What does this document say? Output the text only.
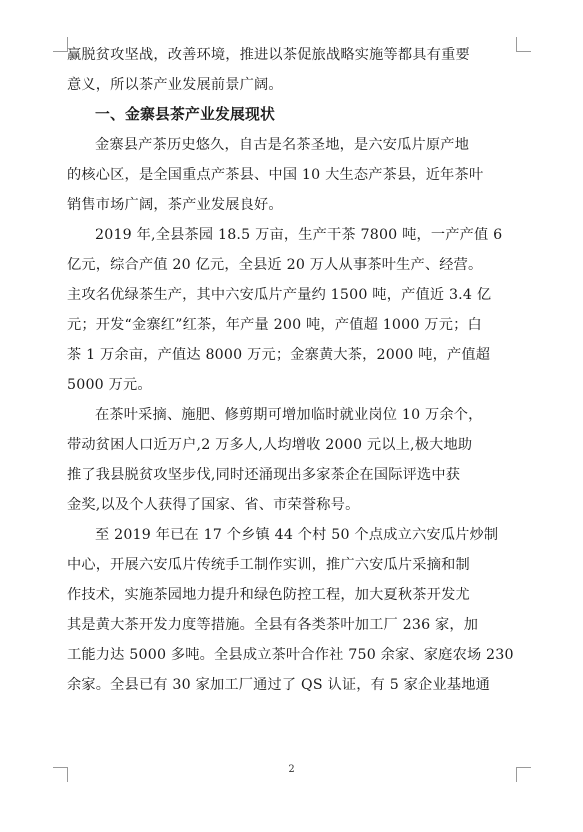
赢脱贫攻坚战，改善环境，推进以茶促旅战略实施等都具有重要
意义，所以茶产业发展前景广阔。
一、金寨县茶产业发展现状
金寨县产茶历史悠久，自古是名茶圣地，是六安瓜片原产地
的核心区，是全国重点产茶县、中国 10 大生态产茶县，近年茶叶
销售市场广阔，茶产业发展良好。
2019 年,全县茶园 18.5 万亩，生产干茶 7800 吨，一产产值 6
亿元，综合产值 20 亿元，全县近 20 万人从事茶叶生产、经营。
主攻名优绿茶生产，其中六安瓜片产量约 1500 吨，产值近 3.4 亿
元；开发“金寨红”红茶，年产量 200 吨，产值超 1000 万元；白
茶 1 万余亩，产值达 8000 万元；金寨黄大茶，2000 吨，产值超
5000 万元。
在茶叶采摘、施肥、修剪期可增加临时就业岗位 10 万余个，
带动贫困人口近万户,2 万多人,人均增收 2000 元以上,极大地助
推了我县脱贫攻坚步伐,同时还涌现出多家茶企在国际评选中获
金奖,以及个人获得了国家、省、市荣誉称号。
至 2019 年已在 17 个乡镇 44 个村 50 个点成立六安瓜片炒制
中心，开展六安瓜片传统手工制作实训，推广六安瓜片采摘和制
作技术，实施茶园地力提升和绿色防控工程，加大夏秋茶开发尤
其是黄大茶开发力度等措施。全县有各类茶叶加工厂 236 家，加
工能力达 5000 多吨。全县成立茶叶合作社 750 余家、家庭农场 230
余家。全县已有 30 家加工厂通过了 QS 认证，有 5 家企业基地通
2
